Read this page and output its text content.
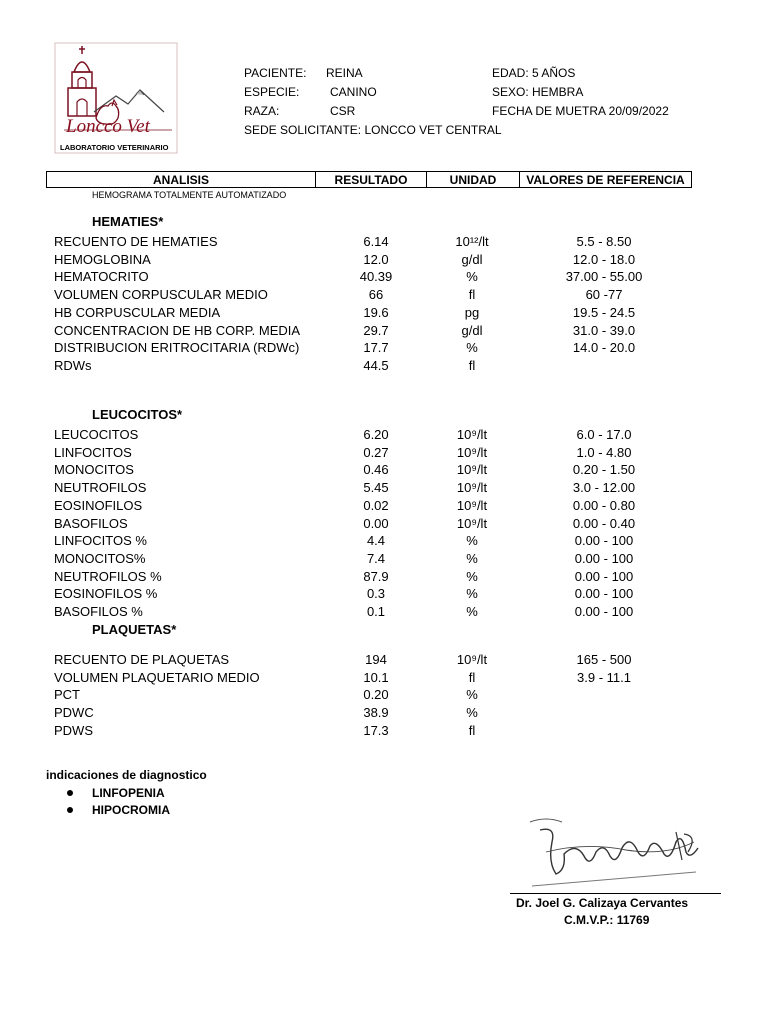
Loncco Vet
LABORATORIO VETERINARIO
PACIENTE: REINA	EDAD: 5 AÑOS
ESPECIE:	CANINO	SEXO: HEMBRA
RAZA:	CSR	FECHA DE MUETRA 20/09/2022
SEDE SOLICITANTE: LONCCO VET CENTRAL
ANALISIS	RESULTADO	UNIDAD	VALORES DE REFERENCIA
HEMOGRAMA TOTALMENTE AUTOMATIZADO
HEMATIES*
RECUENTO DE HEMATIES	6.14	10¹²/lt	5.5 - 8.50
HEMOGLOBINA	12.0	g/dl	12.0 - 18.0
HEMATOCRITO	40.39	%	37.00 - 55.00
VOLUMEN CORPUSCULAR MEDIO	66	fl	60 -77
HB CORPUSCULAR MEDIA	19.6	pg	19.5 - 24.5
CONCENTRACION DE HB CORP. MEDIA	29.7	g/dl	31.0 - 39.0
DISTRIBUCION ERITROCITARIA (RDWc)	17.7	%	14.0 - 20.0
RDWs	44.5	fl
LEUCOCITOS*
LEUCOCITOS	6.20	10⁹/lt	6.0 - 17.0
LINFOCITOS	0.27	10⁹/lt	1.0 - 4.80
MONOCITOS	0.46	10⁹/lt	0.20 - 1.50
NEUTROFILOS	5.45	10⁹/lt	3.0 - 12.00
EOSINOFILOS	0.02	10⁹/lt	0.00 - 0.80
BASOFILOS	0.00	10⁹/lt	0.00 - 0.40
LINFOCITOS %	4.4	%	0.00 - 100
MONOCITOS%	7.4	%	0.00 - 100
NEUTROFILOS %	87.9	%	0.00 - 100
EOSINOFILOS %	0.3	%	0.00 - 100
BASOFILOS %	0.1	%	0.00 - 100
PLAQUETAS*
RECUENTO DE PLAQUETAS	194	10⁹/lt	165 - 500
VOLUMEN PLAQUETARIO MEDIO	10.1	fl	3.9 - 11.1
PCT	0.20	%
PDWC	38.9	%
PDWS	17.3	fl
indicaciones de diagnostico
LINFOPENIA
HIPOCROMIA
Dr. Joel G. Calizaya Cervantes
C.M.V.P.: 11769
